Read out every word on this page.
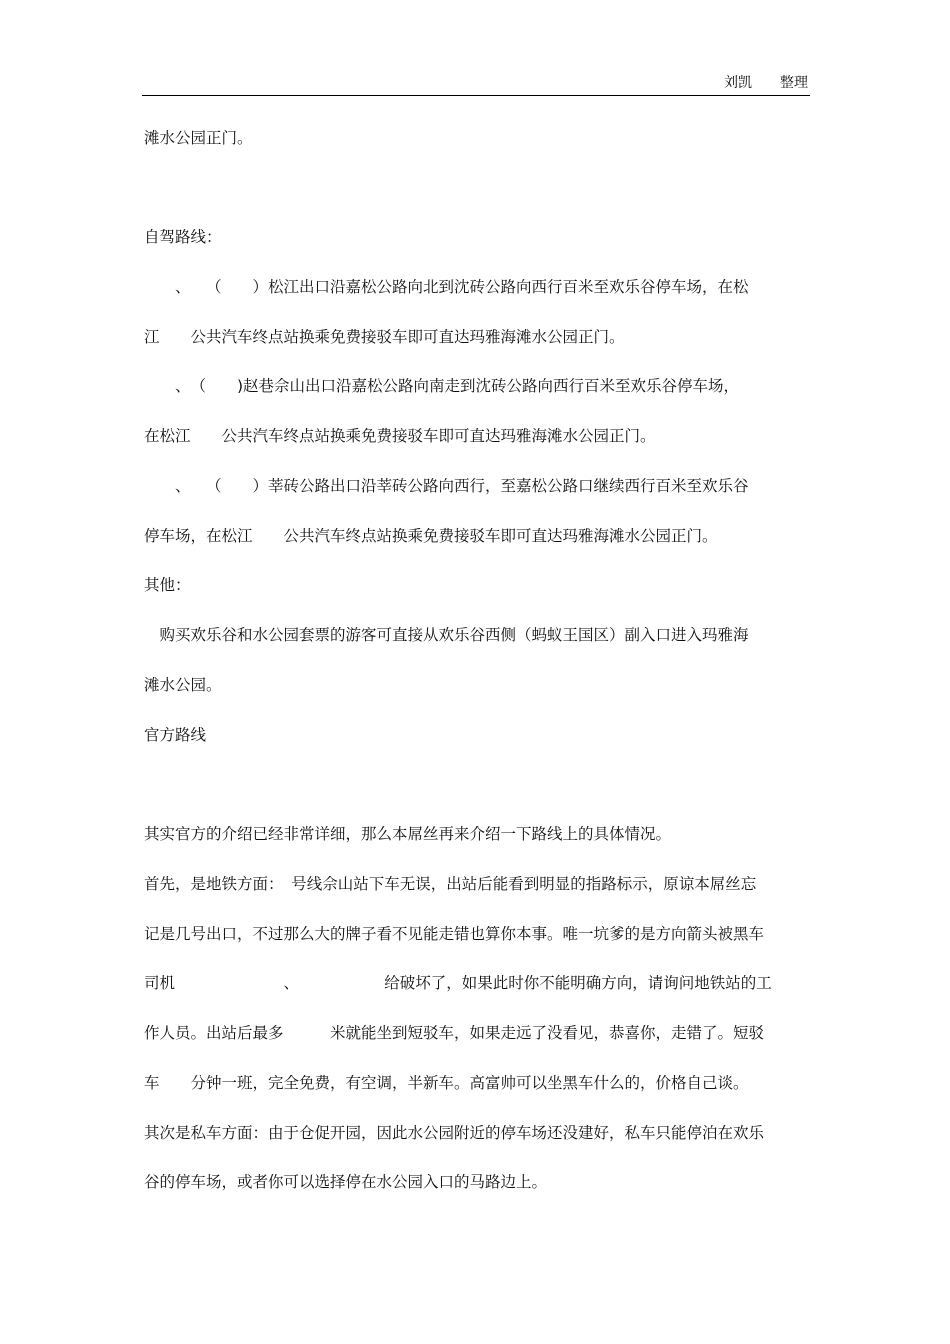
刘凯 整理
滩水公园正门。
自驾路线：
　　、　　（　　）松江出口沿嘉松公路向北到沈砖公路向西行百米至欢乐谷停车场，在松
江　　公共汽车终点站换乘免费接驳车即可直达玛雅海滩水公园正门。
　　、　（　　)赵巷佘山出口沿嘉松公路向南走到沈砖公路向西行百米至欢乐谷停车场，
在松江　　公共汽车终点站换乘免费接驳车即可直达玛雅海滩水公园正门。
　　、　　（　　）莘砖公路出口沿莘砖公路向西行，至嘉松公路口继续西行百米至欢乐谷
停车场，在松江　　公共汽车终点站换乘免费接驳车即可直达玛雅海滩水公园正门。
其他：
　购买欢乐谷和水公园套票的游客可直接从欢乐谷西侧（蚂蚁王国区）副入口进入玛雅海
滩水公园。
官方路线
其实官方的介绍已经非常详细，那么本屌丝再来介绍一下路线上的具体情况。
首先，是地铁方面：　号线佘山站下车无误，出站后能看到明显的指路标示，原谅本屌丝忘
记是几号出口，不过那么大的牌子看不见能走错也算你本事。唯一坑爹的是方向箭头被黑车
司机　　　　　　　、　　　　　　给破坏了，如果此时你不能明确方向，请询问地铁站的工
作人员。出站后最多　　　米就能坐到短驳车，如果走远了没看见，恭喜你，走错了。短驳
车　　分钟一班，完全免费，有空调，半新车。高富帅可以坐黑车什么的，价格自己谈。
其次是私车方面：由于仓促开园，因此水公园附近的停车场还没建好，私车只能停泊在欢乐
谷的停车场，或者你可以选择停在水公园入口的马路边上。
